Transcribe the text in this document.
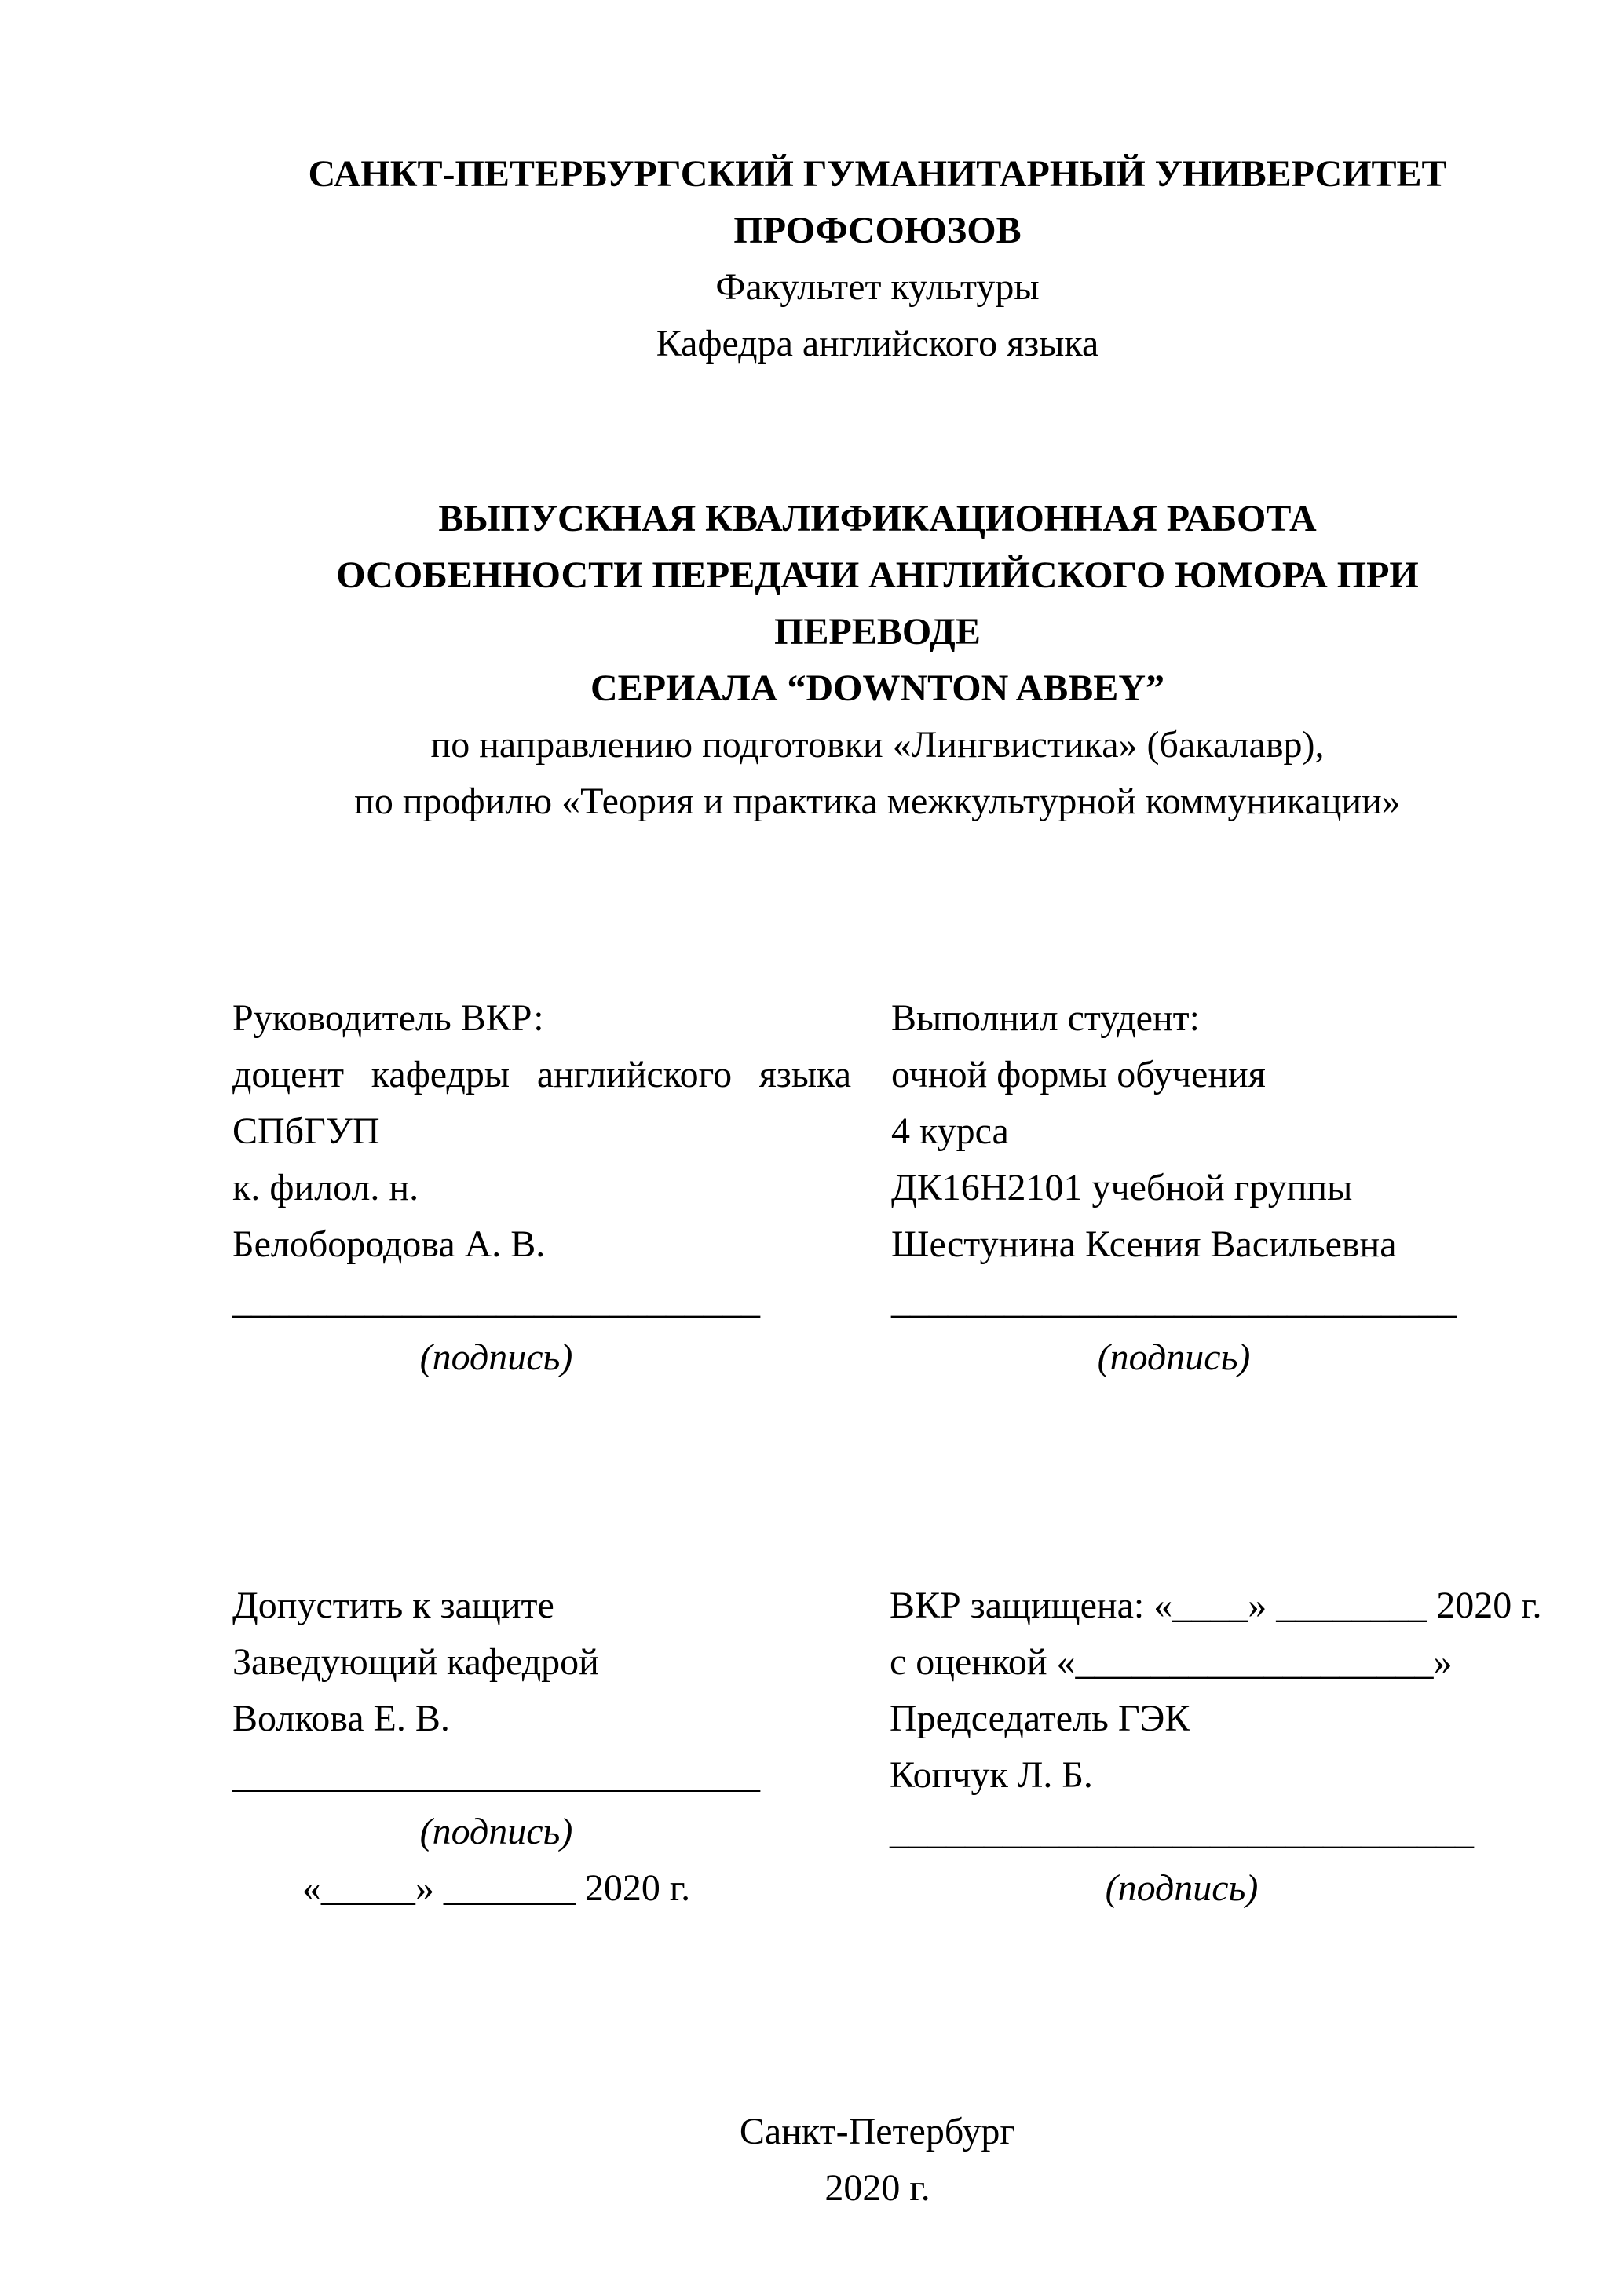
САНКТ-ПЕТЕРБУРГСКИЙ ГУМАНИТАРНЫЙ УНИВЕРСИТЕТ
ПРОФСОЮЗОВ
Факультет культуры
Кафедра английского языка
ВЫПУСКНАЯ КВАЛИФИКАЦИОННАЯ РАБОТА
ОСОБЕННОСТИ ПЕРЕДАЧИ АНГЛИЙСКОГО ЮМОРА ПРИ ПЕРЕВОДЕ
СЕРИАЛА “DOWNTON ABBEY”
по направлению подготовки «Лингвистика» (бакалавр),
по профилю «Теория и практика межкультурной коммуникации»
Руководитель ВКР:
доцент кафедры английского языка
СПбГУП
к. филол. н.
Белобородова А. В.
____________________________
(подпись)
Выполнил студент:
очной формы обучения
4 курса
ДК16Н2101 учебной группы
Шестунина Ксения Васильевна
______________________________
(подпись)
Допустить к защите
Заведующий кафедрой
Волкова Е. В.
____________________________
(подпись)
«_____» _______ 2020 г.
ВКР защищена: «____» ________ 2020 г.
с оценкой «___________________»
Председатель ГЭК
Копчук Л. Б.
_______________________________
(подпись)
Санкт-Петербург
2020 г.
